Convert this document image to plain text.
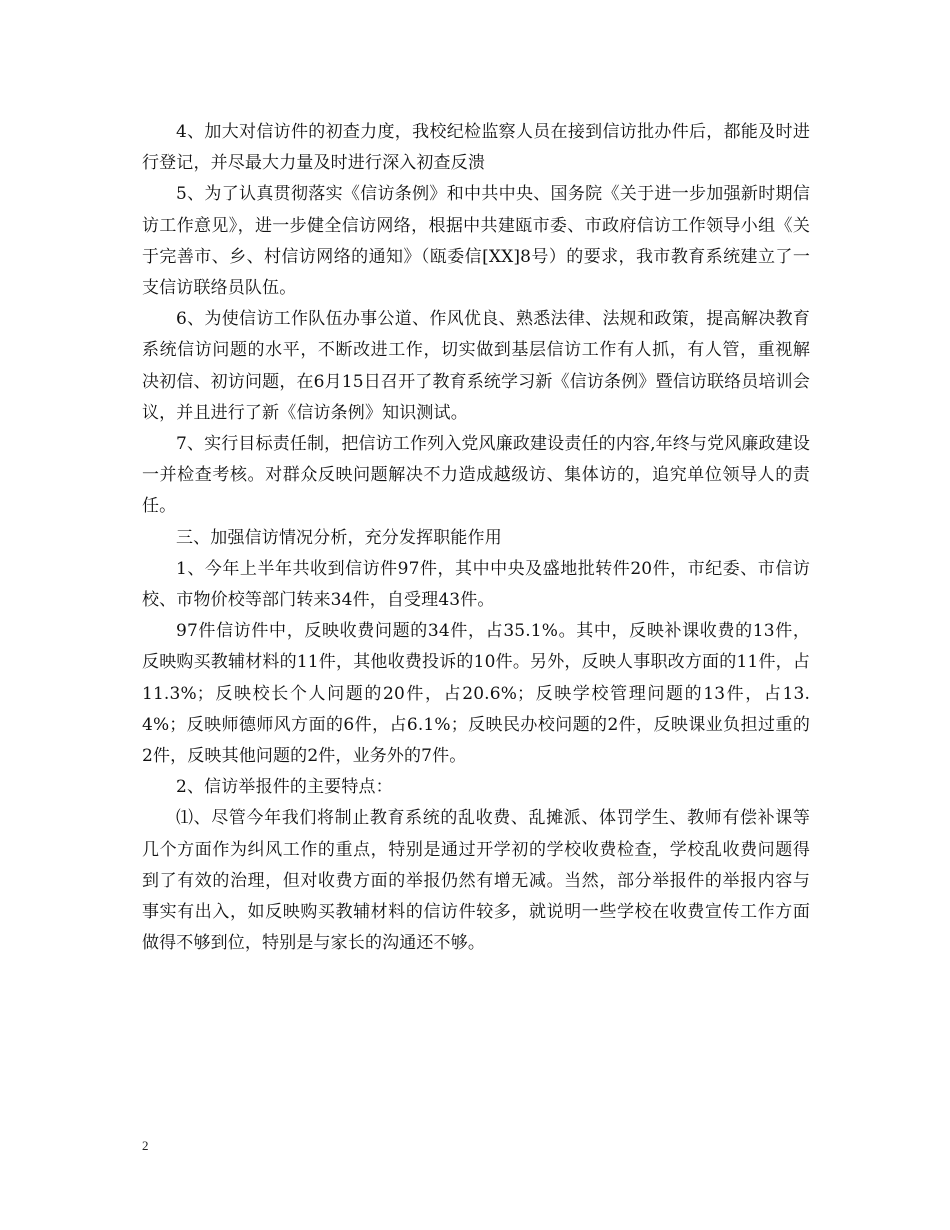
4、加大对信访件的初查力度，我校纪检监察人员在接到信访批办件后，都能及时进行登记，并尽最大力量及时进行深入初查反溃

5、为了认真贯彻落实《信访条例》和中共中央、国务院《关于进一步加强新时期信访工作意见》，进一步健全信访网络，根据中共建瓯市委、市政府信访工作领导小组《关于完善市、乡、村信访网络的通知》（瓯委信[XX]8号）的要求，我市教育系统建立了一支信访联络员队伍。

6、为使信访工作队伍办事公道、作风优良、熟悉法律、法规和政策，提高解决教育系统信访问题的水平，不断改进工作，切实做到基层信访工作有人抓，有人管，重视解决初信、初访问题，在6月15日召开了教育系统学习新《信访条例》暨信访联络员培训会议，并且进行了新《信访条例》知识测试。

7、实行目标责任制，把信访工作列入党风廉政建设责任的内容,年终与党风廉政建设一并检查考核。对群众反映问题解决不力造成越级访、集体访的，追究单位领导人的责任。

三、加强信访情况分析，充分发挥职能作用

1、今年上半年共收到信访件97件，其中中央及盛地批转件20件，市纪委、市信访校、市物价校等部门转来34件，自受理43件。

97件信访件中，反映收费问题的34件，占35.1%。其中，反映补课收费的13件，反映购买教辅材料的11件，其他收费投诉的10件。另外，反映人事职改方面的11件，占11.3%；反映校长个人问题的20件，占20.6%；反映学校管理问题的13件，占13.4%；反映师德师风方面的6件，占6.1%；反映民办校问题的2件，反映课业负担过重的2件，反映其他问题的2件，业务外的7件。

2、信访举报件的主要特点：

⑴、尽管今年我们将制止教育系统的乱收费、乱摊派、体罚学生、教师有偿补课等几个方面作为纠风工作的重点，特别是通过开学初的学校收费检查，学校乱收费问题得到了有效的治理，但对收费方面的举报仍然有增无减。当然，部分举报件的举报内容与事实有出入，如反映购买教辅材料的信访件较多，就说明一些学校在收费宣传工作方面做得不够到位，特别是与家长的沟通还不够。

2
